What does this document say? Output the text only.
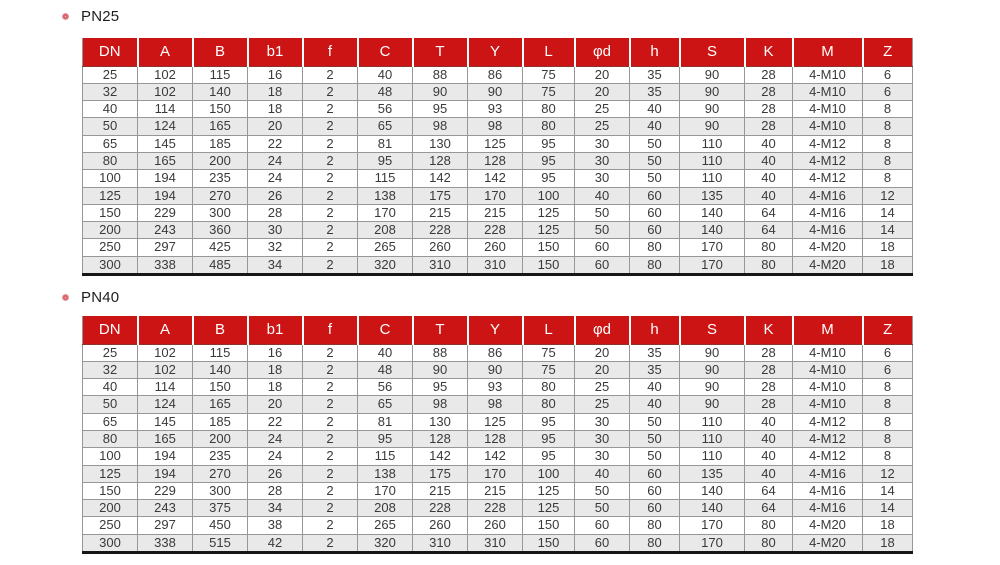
PN25
DN	A	B	b1	f	C	T	Y	L	φd	h	S	K	M	Z
25	102	115	16	2	40	88	86	75	20	35	90	28	4-M10	6
32	102	140	18	2	48	90	90	75	20	35	90	28	4-M10	6
40	114	150	18	2	56	95	93	80	25	40	90	28	4-M10	8
50	124	165	20	2	65	98	98	80	25	40	90	28	4-M10	8
65	145	185	22	2	81	130	125	95	30	50	110	40	4-M12	8
80	165	200	24	2	95	128	128	95	30	50	110	40	4-M12	8
100	194	235	24	2	115	142	142	95	30	50	110	40	4-M12	8
125	194	270	26	2	138	175	170	100	40	60	135	40	4-M16	12
150	229	300	28	2	170	215	215	125	50	60	140	64	4-M16	14
200	243	360	30	2	208	228	228	125	50	60	140	64	4-M16	14
250	297	425	32	2	265	260	260	150	60	80	170	80	4-M20	18
300	338	485	34	2	320	310	310	150	60	80	170	80	4-M20	18
PN40
DN	A	B	b1	f	C	T	Y	L	φd	h	S	K	M	Z
25	102	115	16	2	40	88	86	75	20	35	90	28	4-M10	6
32	102	140	18	2	48	90	90	75	20	35	90	28	4-M10	6
40	114	150	18	2	56	95	93	80	25	40	90	28	4-M10	8
50	124	165	20	2	65	98	98	80	25	40	90	28	4-M10	8
65	145	185	22	2	81	130	125	95	30	50	110	40	4-M12	8
80	165	200	24	2	95	128	128	95	30	50	110	40	4-M12	8
100	194	235	24	2	115	142	142	95	30	50	110	40	4-M12	8
125	194	270	26	2	138	175	170	100	40	60	135	40	4-M16	12
150	229	300	28	2	170	215	215	125	50	60	140	64	4-M16	14
200	243	375	34	2	208	228	228	125	50	60	140	64	4-M16	14
250	297	450	38	2	265	260	260	150	60	80	170	80	4-M20	18
300	338	515	42	2	320	310	310	150	60	80	170	80	4-M20	18
